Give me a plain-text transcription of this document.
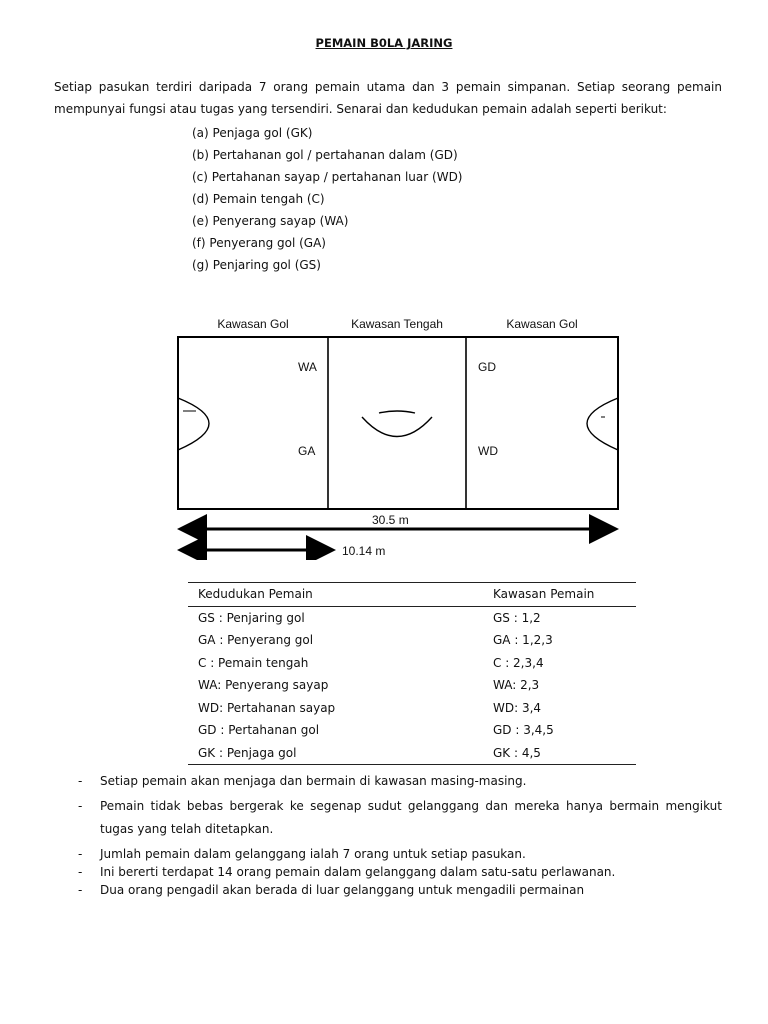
PEMAIN B0LA JARING
Setiap pasukan terdiri daripada 7 orang pemain utama dan 3 pemain simpanan. Setiap seorang pemain mempunyai fungsi atau tugas yang tersendiri. Senarai dan kedudukan pemain adalah seperti berikut:
(a) Penjaga gol (GK)
(b) Pertahanan gol / pertahanan dalam (GD)
(c) Pertahanan sayap / pertahanan luar (WD)
(d) Pemain tengah (C)
(e) Penyerang sayap (WA)
(f) Penyerang gol (GA)
(g) Penjaring gol (GS)
Kawasan Gol	Kawasan Tengah	Kawasan Gol
WA
GA
GD
WD
30.5 m
10.14 m
Kedudukan Pemain	Kawasan Pemain
GS : Penjaring gol	GS : 1,2
GA : Penyerang gol	GA : 1,2,3
C : Pemain tengah	C : 2,3,4
WA: Penyerang sayap	WA: 2,3
WD: Pertahanan sayap	WD: 3,4
GD : Pertahanan gol	GD : 3,4,5
GK : Penjaga gol	GK : 4,5
- Setiap pemain akan menjaga dan bermain di kawasan masing-masing.
- Pemain tidak bebas bergerak ke segenap sudut gelanggang dan mereka hanya bermain mengikut tugas yang telah ditetapkan.
- Jumlah pemain dalam gelanggang ialah 7 orang untuk setiap pasukan.
- Ini bererti terdapat 14 orang pemain dalam gelanggang dalam satu-satu perlawanan.
- Dua orang pengadil akan berada di luar gelanggang untuk mengadili permainan
